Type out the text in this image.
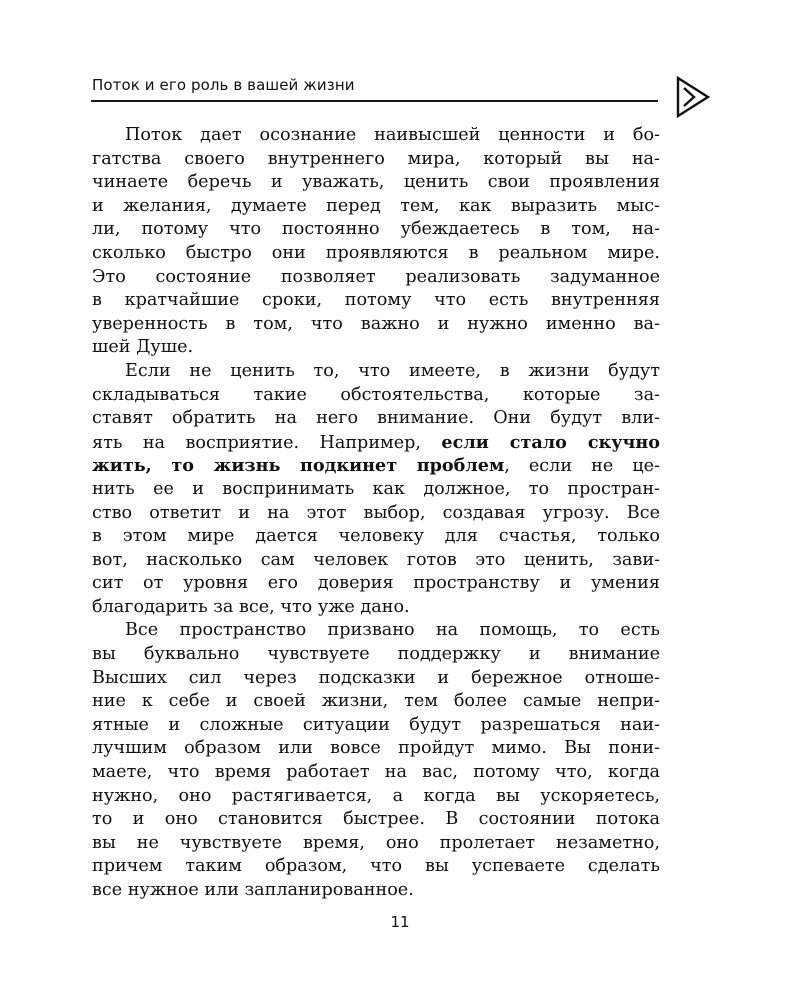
Поток и его роль в вашей жизни
Поток дает осознание наивысшей ценности и бо-
гатства своего внутреннего мира, который вы на-
чинаете беречь и уважать, ценить свои проявления
и желания, думаете перед тем, как выразить мыс-
ли, потому что постоянно убеждаетесь в том, на-
сколько быстро они проявляются в реальном мире.
Это состояние позволяет реализовать задуманное
в кратчайшие сроки, потому что есть внутренняя
уверенность в том, что важно и нужно именно ва-
шей Душе.
Если не ценить то, что имеете, в жизни будут
складываться такие обстоятельства, которые за-
ставят обратить на него внимание. Они будут вли-
ять на восприятие. Например, если стало скучно
жить, то жизнь подкинет проблем, если не це-
нить ее и воспринимать как должное, то простран-
ство ответит и на этот выбор, создавая угрозу. Все
в этом мире дается человеку для счастья, только
вот, насколько сам человек готов это ценить, зави-
сит от уровня его доверия пространству и умения
благодарить за все, что уже дано.
Все пространство призвано на помощь, то есть
вы буквально чувствуете поддержку и внимание
Высших сил через подсказки и бережное отноше-
ние к себе и своей жизни, тем более самые непри-
ятные и сложные ситуации будут разрешаться наи-
лучшим образом или вовсе пройдут мимо. Вы пони-
маете, что время работает на вас, потому что, когда
нужно, оно растягивается, а когда вы ускоряетесь,
то и оно становится быстрее. В состоянии потока
вы не чувствуете время, оно пролетает незаметно,
причем таким образом, что вы успеваете сделать
все нужное или запланированное.
11
